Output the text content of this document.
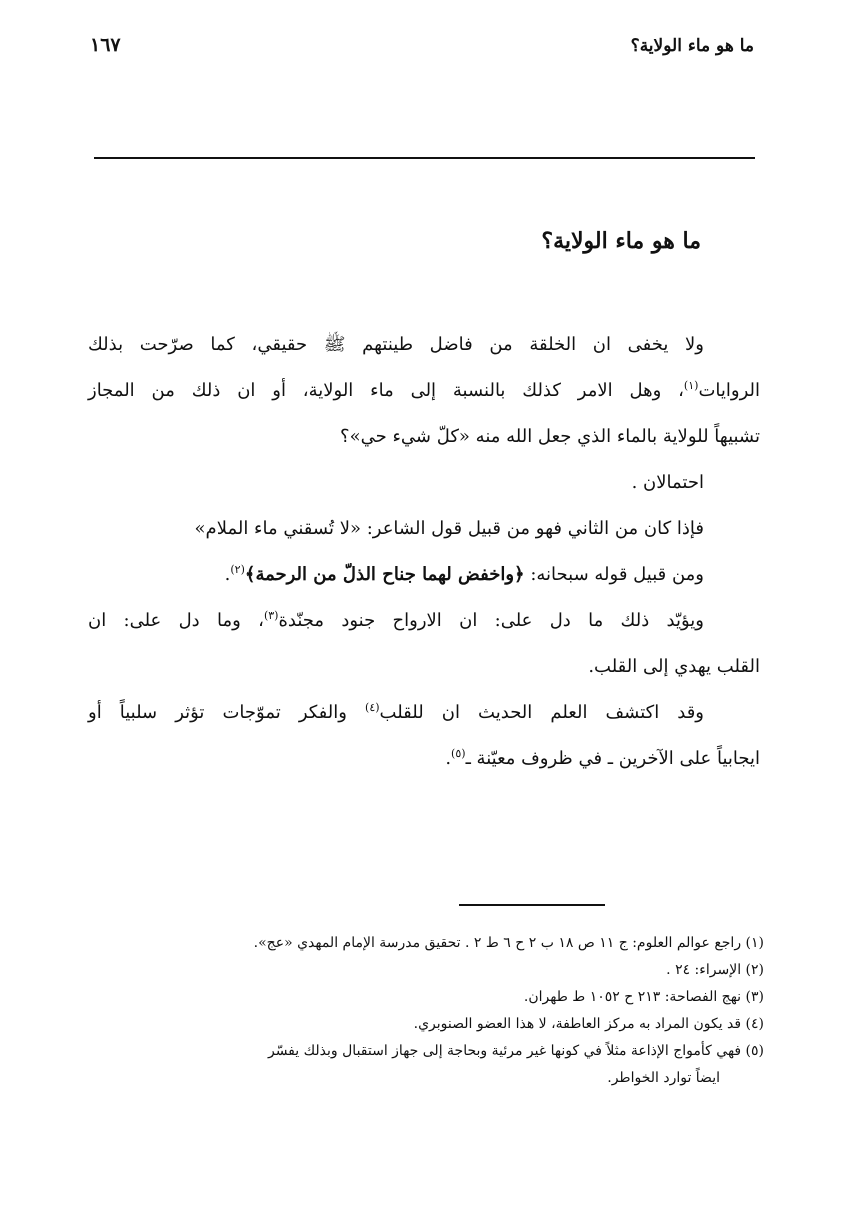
ما هو ماء الولاية؟
١٦٧
ما هو ماء الولاية؟
ولا يخفى ان الخلقة من فاضل طينتهم ﷺ حقيقي، كما صرّحت بذلك
الروايات$^{(١)}$، وهل الامر كذلك بالنسبة إلى ماء الولاية، أو ان ذلك من المجاز
تشبيهاً للولاية بالماء الذي جعل الله منه «كلّ شيء حي»؟
احتمالان .
فإذا كان من الثاني فهو من قبيل قول الشاعر: «لا تُسقني ماء الملام»
ومن قبيل قوله سبحانه: ﴿واخفض لهما جناح الذلّ من الرحمة﴾$^{(٢)}$.
ويؤيّد ذلك ما دل على: ان الارواح جنود مجنّدة$^{(٣)}$، وما دل على: ان
القلب يهدي إلى القلب.
وقد اكتشف العلم الحديث ان للقلب$^{(٤)}$ والفكر تموّجات تؤثر سلبياً أو
ايجابياً على الآخرين ـ في ظروف معيّنة ـ$^{(٥)}$.
(١) راجع عوالم العلوم: ج ١١ ص ١٨ ب ٢ ح ٦ ط ٢ . تحقيق مدرسة الإمام المهدي «عج».
(٢) الإسراء: ٢٤ .
(٣) نهج الفصاحة: ٢١٣ ح ١٠٥٢ ط طهران.
(٤) قد يكون المراد به مركز العاطفة، لا هذا العضو الصنوبري.
(٥) فهي كأمواج الإذاعة مثلاً في كونها غير مرئية وبحاجة إلى جهاز استقبال وبذلك يفسّر
ايضاً توارد الخواطر.
